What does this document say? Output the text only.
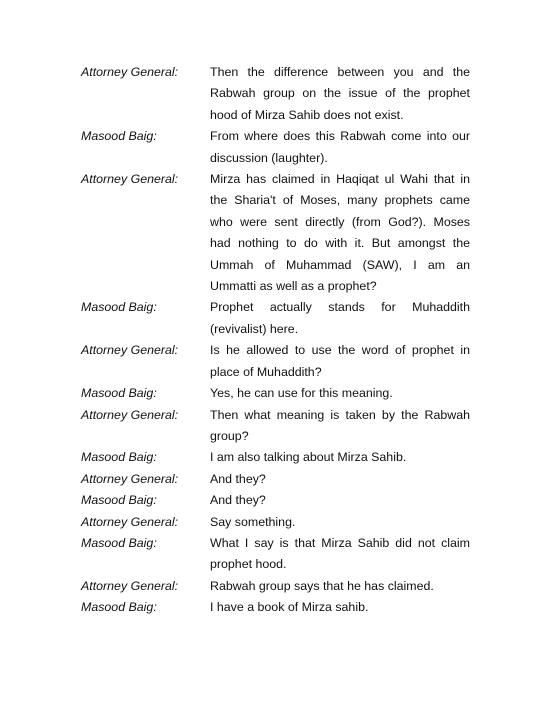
Attorney General:	Then the difference between you and the Rabwah group on the issue of the prophet hood of Mirza Sahib does not exist.
Masood Baig:	From where does this Rabwah come into our discussion (laughter).
Attorney General:	Mirza has claimed in Haqiqat ul Wahi that in the Sharia't of Moses, many prophets came who were sent directly (from God?). Moses had nothing to do with it. But amongst the Ummah of Muhammad (SAW), I am an Ummatti as well as a prophet?
Masood Baig:	Prophet actually stands for Muhaddith (revivalist) here.
Attorney General:	Is he allowed to use the word of prophet in place of Muhaddith?
Masood Baig:	Yes, he can use for this meaning.
Attorney General:	Then what meaning is taken by the Rabwah group?
Masood Baig:	I am also talking about Mirza Sahib.
Attorney General:	And they?
Masood Baig:	And they?
Attorney General:	Say something.
Masood Baig:	What I say is that Mirza Sahib did not claim prophet hood.
Attorney General:	Rabwah group says that he has claimed.
Masood Baig:	I have a book of Mirza sahib.
